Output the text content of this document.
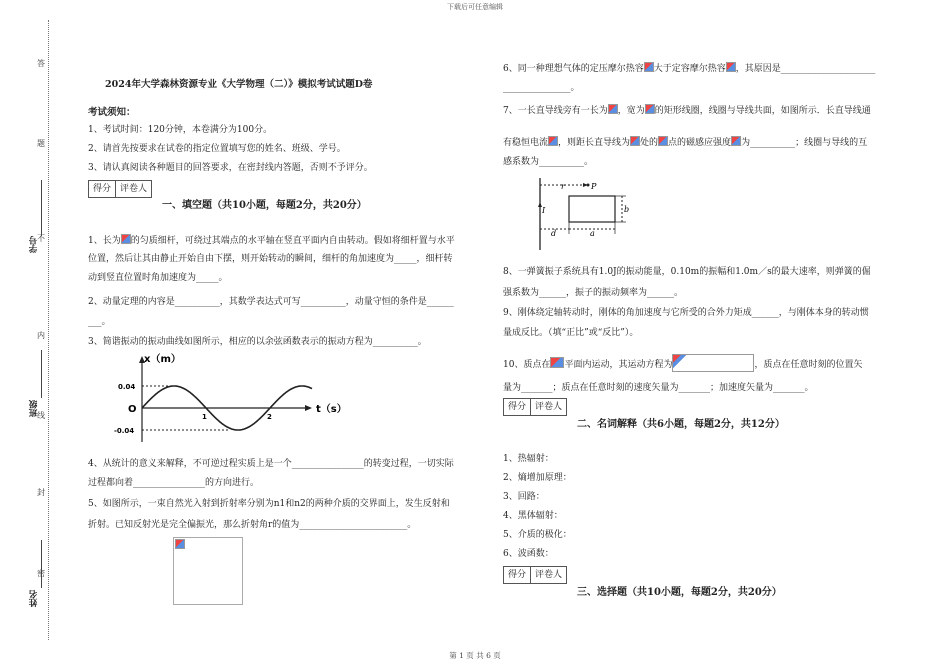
下载后可任意编辑
第 1 页 共 6 页
答
题
不
内
线
封
密
学号
班级
姓名
2024年大学森林资源专业《大学物理（二）》模拟考试试题D卷
考试须知：
1、考试时间：120分钟，本卷满分为100分。
2、请首先按要求在试卷的指定位置填写您的姓名、班级、学号。
3、请认真阅读各种题目的回答要求，在密封线内答题，否则不予评分。
得分	评卷人
一、填空题（共10小题，每题2分，共20分）
1、长为 的匀质细杆，可绕过其端点的水平轴在竖直平面内自由转动。假如将细杆置与水平
位置，然后让其由静止开始自由下摆，则开始转动的瞬间，细杆的角加速度为_____，细杆转
动到竖直位置时角加速度为_____。
2、动量定理的内容是__________，其数学表达式可写__________，动量守恒的条件是______
___。
3、简谐振动的振动曲线如图所示，相应的以余弦函数表示的振动方程为__________。
x（m）
t（s）
0.04
-0.04
O
1	2
4、从统计的意义来解释，不可逆过程实质上是一个________________的转变过程，一切实际
过程都向着________________的方向进行。
5、如图所示，一束自然光入射到折射率分别为n1和n2的两种介质的交界面上，发生反射和
折射。已知反射光是完全偏振光，那么折射角r的值为________________________。
6、同一种理想气体的定压摩尔热容 大于定容摩尔热容 ，其原因是_____________________
_______________。
7、一长直导线旁有一长为 ，宽为 的矩形线圈，线圈与导线共面，如图所示．长直导线通
有稳恒电流 ，则距长直导线为 处的 点的磁感应强度 为__________；线圈与导线的互
感系数为__________。
r	P
I	b
d	a
8、一弹簧振子系统具有1.0J的振动能量，0.10m的振幅和1.0m／s的最大速率，则弹簧的倔
强系数为______，振子的振动频率为______。
9、刚体绕定轴转动时，刚体的角加速度与它所受的合外力矩成______，与刚体本身的转动惯
量成反比。（填“正比”或“反比”）。
10、质点在 平面内运动，其运动方程为	，质点在任意时刻的位置矢
量为_______；质点在任意时刻的速度矢量为_______；加速度矢量为_______。
得分	评卷人
二、名词解释（共6小题，每题2分，共12分）
1、热辐射：
2、熵增加原理：
3、回路：
4、黑体辐射：
5、介质的极化：
6、波函数：
得分	评卷人
三、选择题（共10小题，每题2分，共20分）
